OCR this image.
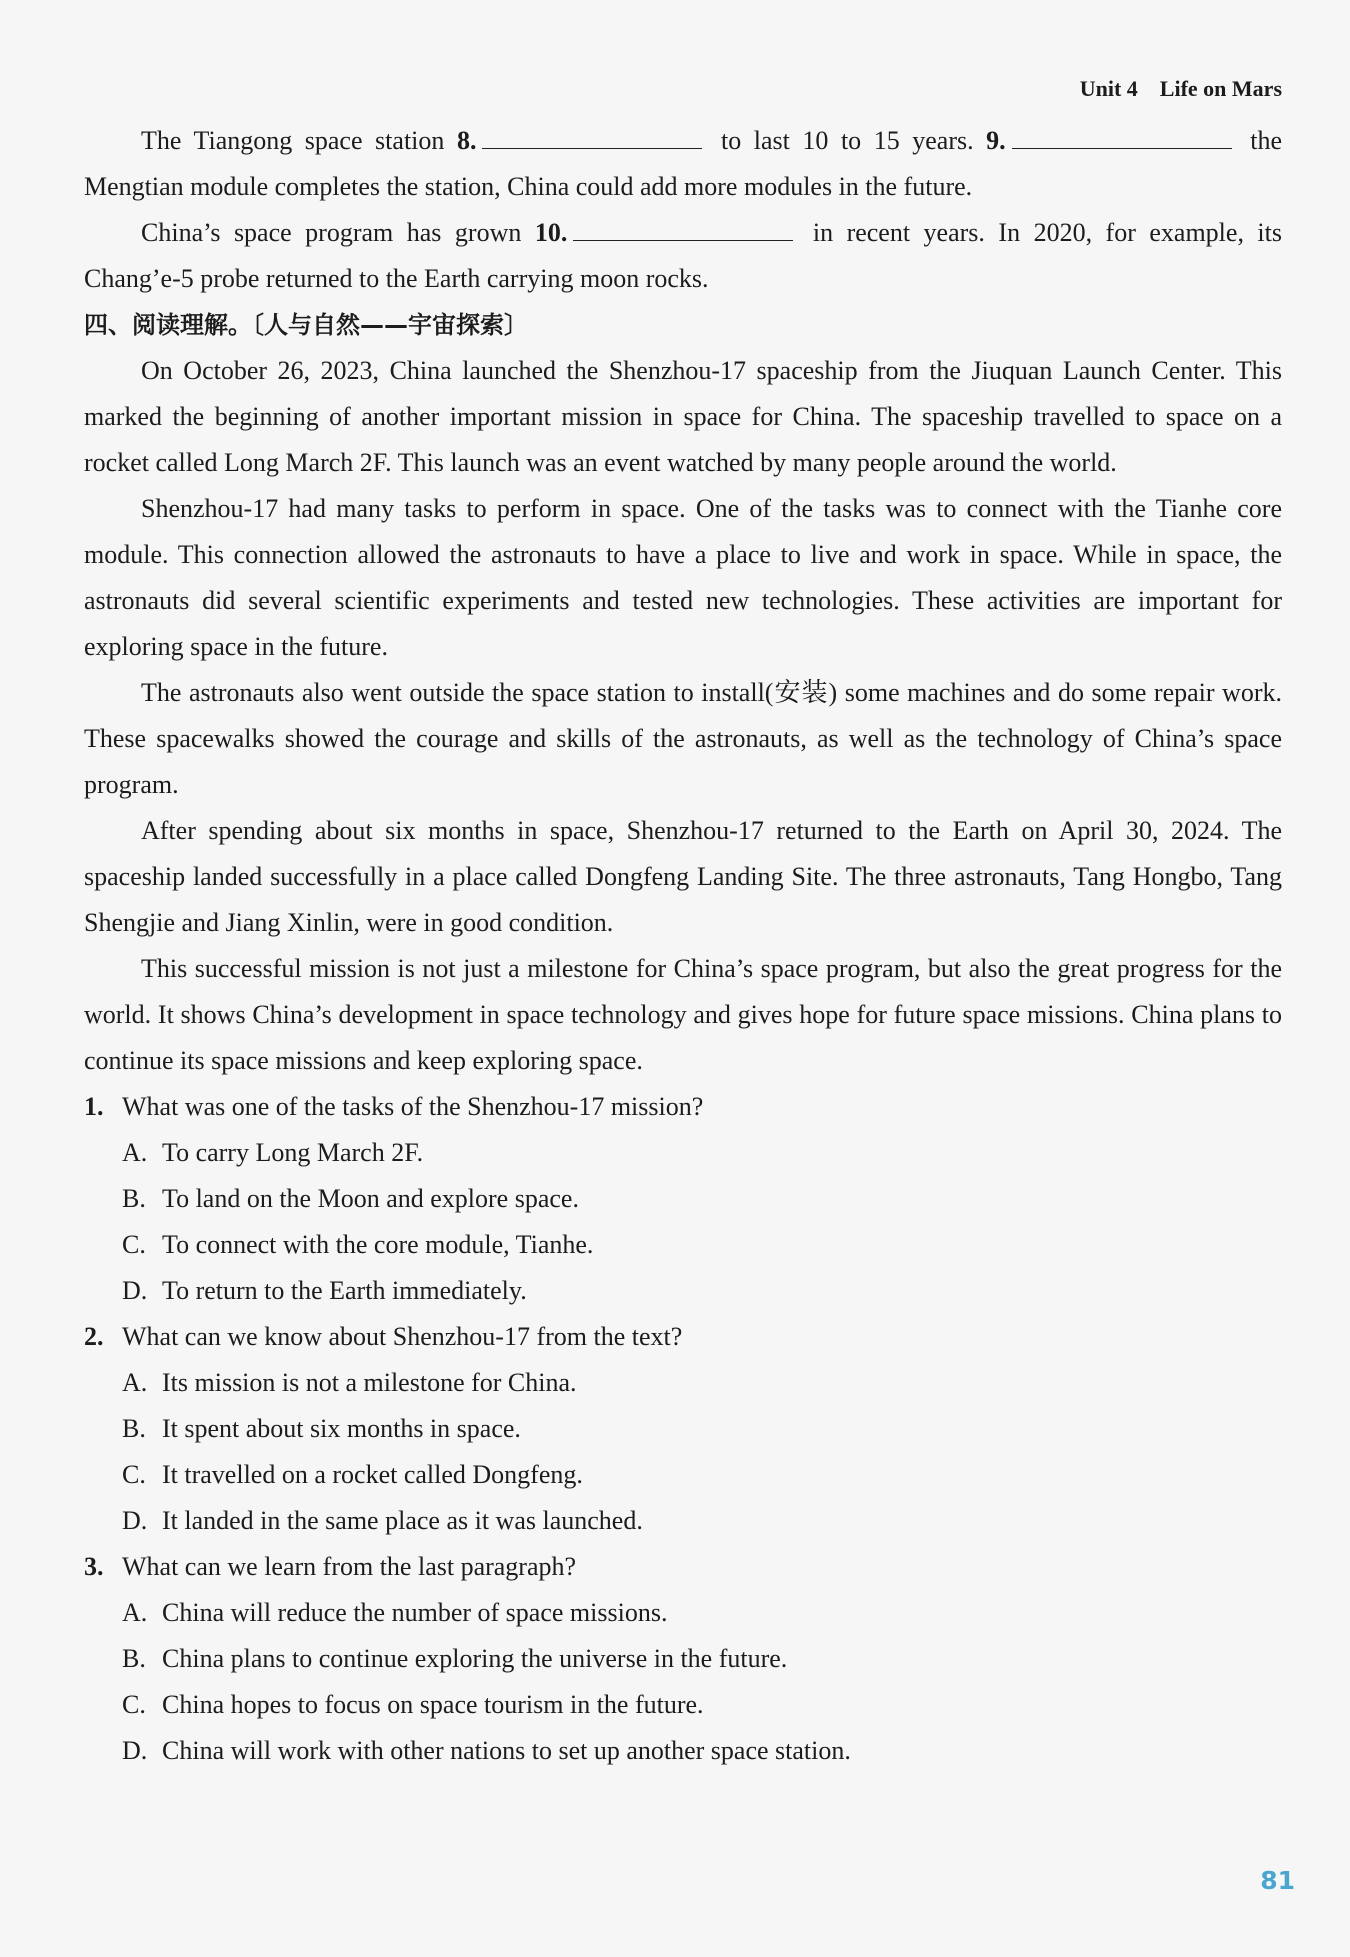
Unit 4 Life on Mars

The Tiangong space station 8.	to last 10 to 15 years. 9.	the Mengtian module completes the station, China could add more modules in the future.

China’s space program has grown 10.	in recent years. In 2020, for example, its Chang’e-5 probe returned to the Earth carrying moon rocks.

四、阅读理解。〔人与自然——宇宙探索〕

On October 26, 2023, China launched the Shenzhou-17 spaceship from the Jiuquan Launch Center. This marked the beginning of another important mission in space for China. The spaceship travelled to space on a rocket called Long March 2F. This launch was an event watched by many people around the world.

Shenzhou-17 had many tasks to perform in space. One of the tasks was to connect with the Tianhe core module. This connection allowed the astronauts to have a place to live and work in space. While in space, the astronauts did several scientific experiments and tested new technologies. These activities are important for exploring space in the future.

The astronauts also went outside the space station to install(安装) some machines and do some repair work. These spacewalks showed the courage and skills of the astronauts, as well as the technology of China’s space program.

After spending about six months in space, Shenzhou-17 returned to the Earth on April 30, 2024. The spaceship landed successfully in a place called Dongfeng Landing Site. The three astronauts, Tang Hongbo, Tang Shengjie and Jiang Xinlin, were in good condition.

This successful mission is not just a milestone for China’s space program, but also the great progress for the world. It shows China’s development in space technology and gives hope for future space missions. China plans to continue its space missions and keep exploring space.

1. What was one of the tasks of the Shenzhou-17 mission?

A. To carry Long March 2F.

B. To land on the Moon and explore space.

C. To connect with the core module, Tianhe.

D. To return to the Earth immediately.

2. What can we know about Shenzhou-17 from the text?

A. Its mission is not a milestone for China.

B. It spent about six months in space.

C. It travelled on a rocket called Dongfeng.

D. It landed in the same place as it was launched.

3. What can we learn from the last paragraph?

A. China will reduce the number of space missions.

B. China plans to continue exploring the universe in the future.

C. China hopes to focus on space tourism in the future.

D. China will work with other nations to set up another space station.

81
